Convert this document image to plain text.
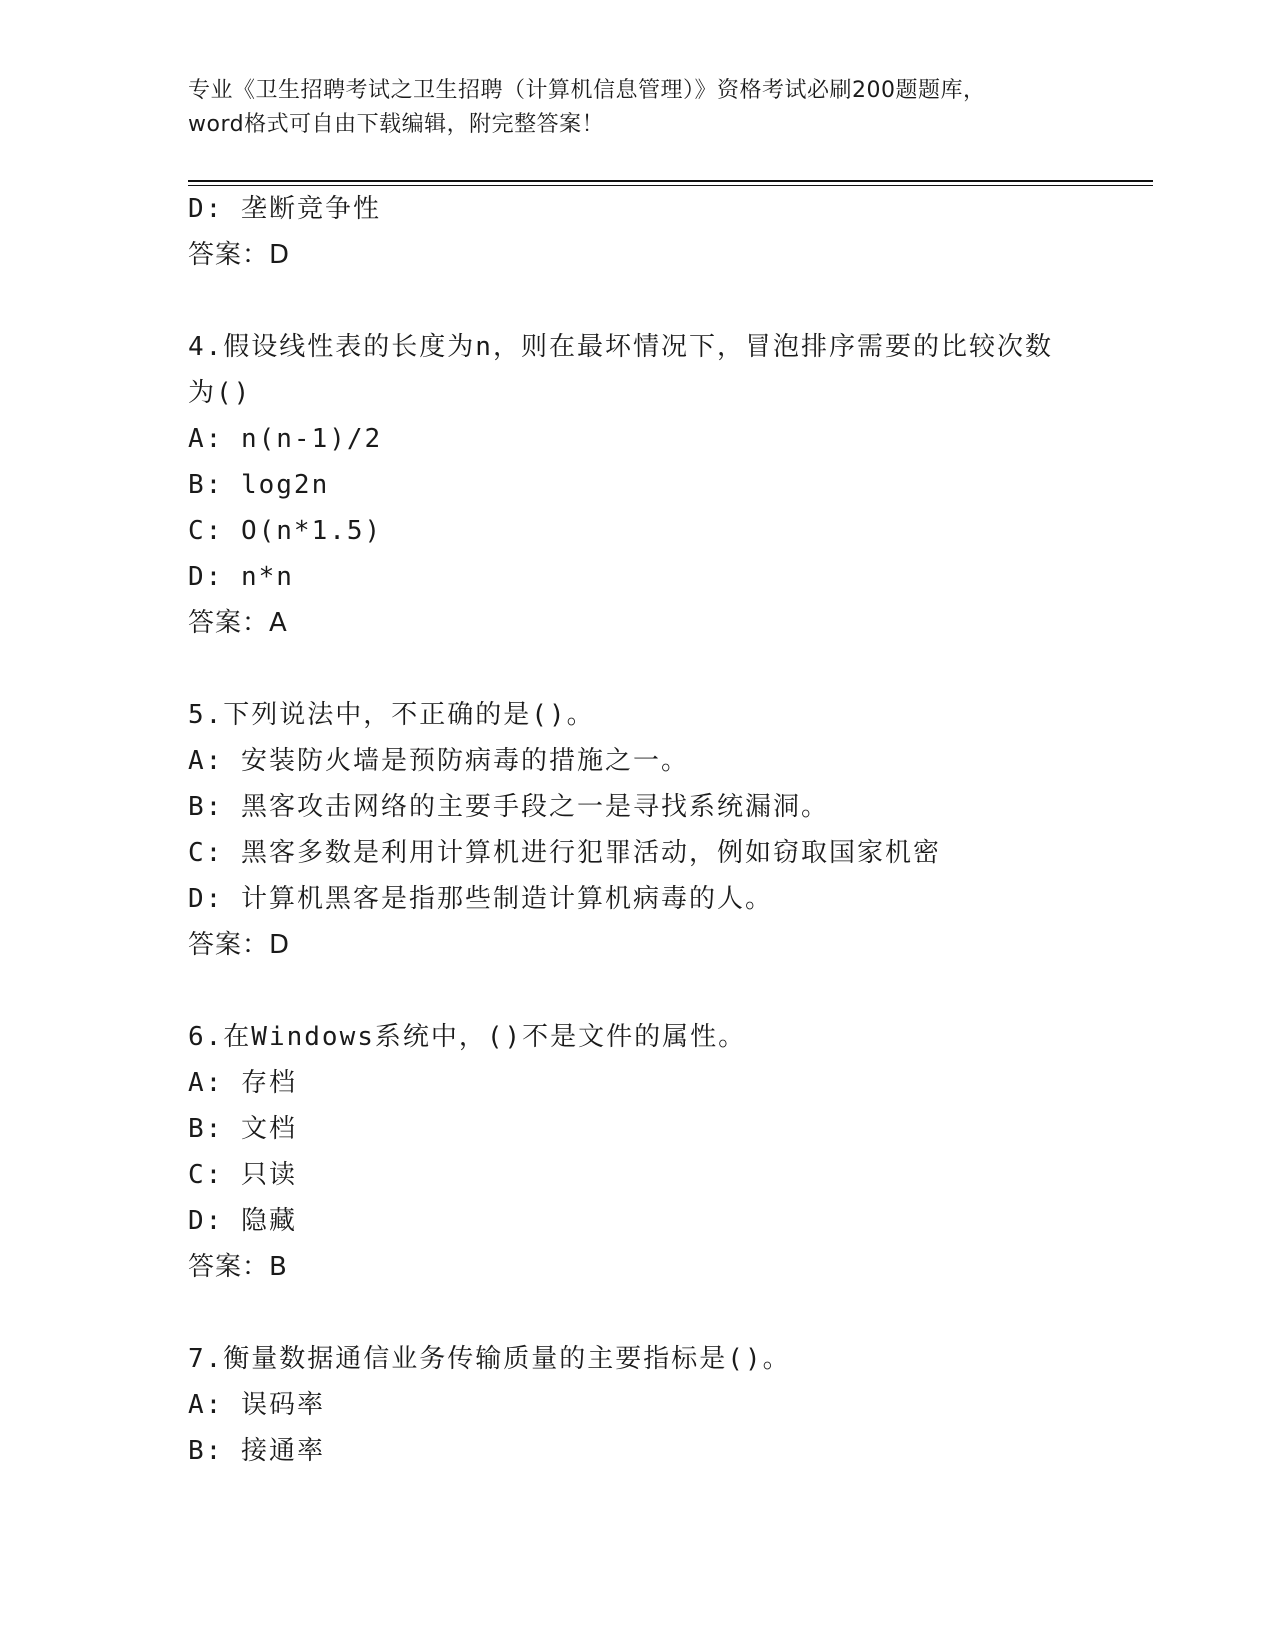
专业《卫生招聘考试之卫生招聘（计算机信息管理）》资格考试必刷200题题库，
word格式可自由下载编辑，附完整答案！
D: 垄断竞争性
答案：D
4.假设线性表的长度为n，则在最坏情况下，冒泡排序需要的比较次数
为()
A: n(n-1)/2
B: log2n
C: O(n*1.5)
D: n*n
答案：A
5.下列说法中，不正确的是()。
A: 安装防火墙是预防病毒的措施之一。
B: 黑客攻击网络的主要手段之一是寻找系统漏洞。
C: 黑客多数是利用计算机进行犯罪活动，例如窃取国家机密
D: 计算机黑客是指那些制造计算机病毒的人。
答案：D
6.在Windows系统中，()不是文件的属性。
A: 存档
B: 文档
C: 只读
D: 隐藏
答案：B
7.衡量数据通信业务传输质量的主要指标是()。
A: 误码率
B: 接通率
